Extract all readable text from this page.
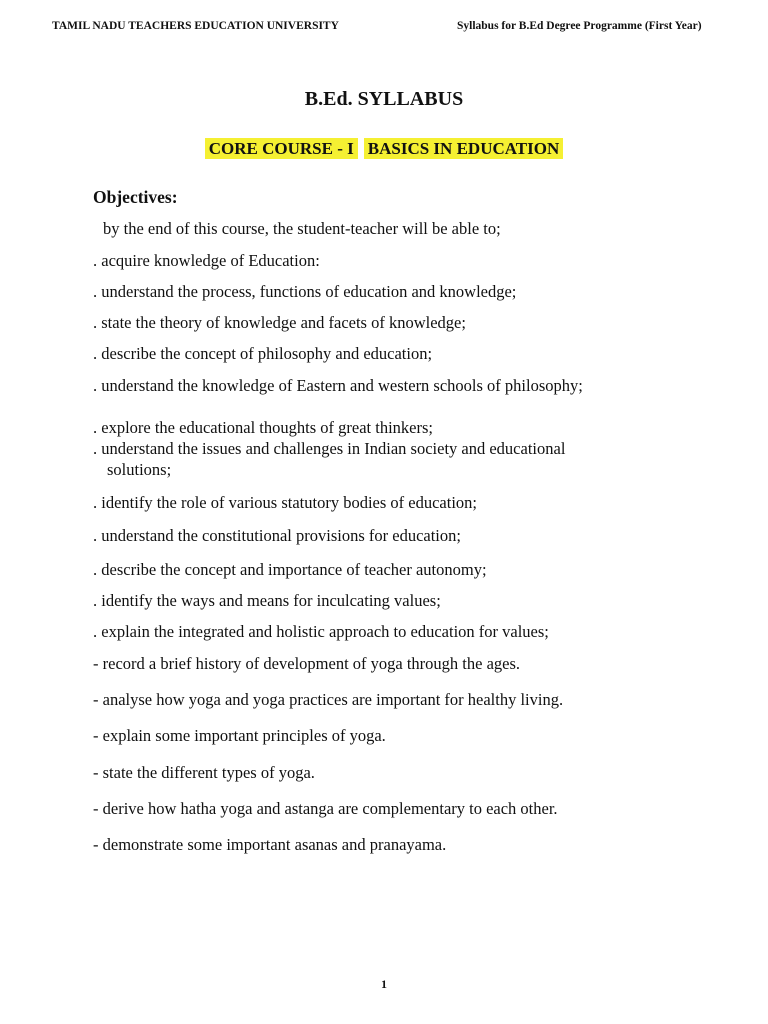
TAMIL NADU TEACHERS EDUCATION UNIVERSITY	Syllabus for B.Ed Degree Programme (First Year)
B.Ed. SYLLABUS
CORE COURSE - I BASICS IN EDUCATION
Objectives:
by the end of this course, the student-teacher will be able to;
. acquire knowledge of Education:
. understand the process, functions of education and knowledge;
. state the theory of knowledge and facets of knowledge;
. describe the concept of philosophy and education;
. understand the knowledge of Eastern and western schools of philosophy;
. explore the educational thoughts of great thinkers;
. understand the issues and challenges in Indian society and educational
solutions;
. identify the role of various statutory bodies of education;
. understand the constitutional provisions for education;
. describe the concept and importance of teacher autonomy;
. identify the ways and means for inculcating values;
. explain the integrated and holistic approach to education for values;
- record a brief history of development of yoga through the ages.
- analyse how yoga and yoga practices are important for healthy living.
- explain some important principles of yoga.
- state the different types of yoga.
- derive how hatha yoga and astanga are complementary to each other.
- demonstrate some important asanas and pranayama.
1
